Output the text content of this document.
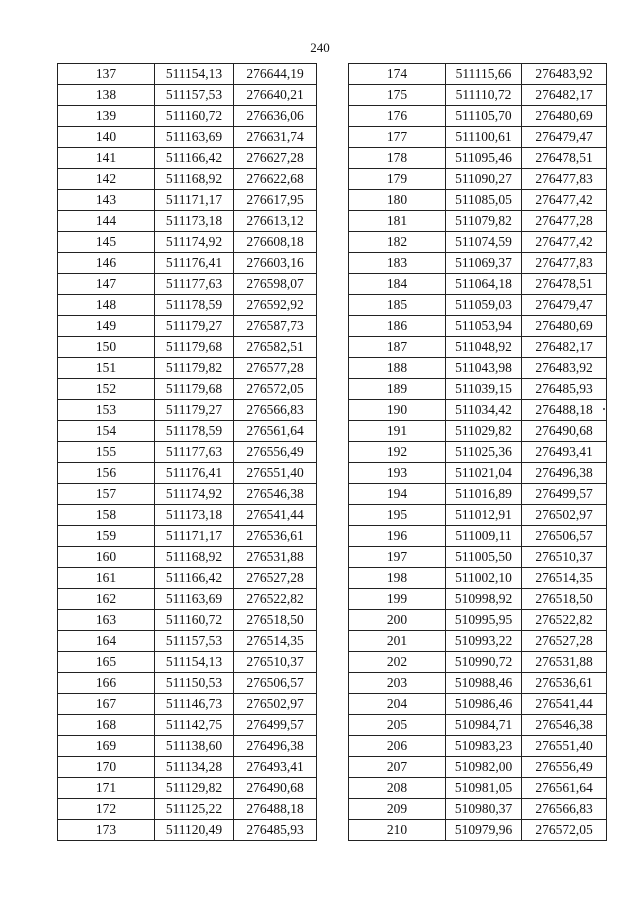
240
137	511154,13	276644,19
138	511157,53	276640,21
139	511160,72	276636,06
140	511163,69	276631,74
141	511166,42	276627,28
142	511168,92	276622,68
143	511171,17	276617,95
144	511173,18	276613,12
145	511174,92	276608,18
146	511176,41	276603,16
147	511177,63	276598,07
148	511178,59	276592,92
149	511179,27	276587,73
150	511179,68	276582,51
151	511179,82	276577,28
152	511179,68	276572,05
153	511179,27	276566,83
154	511178,59	276561,64
155	511177,63	276556,49
156	511176,41	276551,40
157	511174,92	276546,38
158	511173,18	276541,44
159	511171,17	276536,61
160	511168,92	276531,88
161	511166,42	276527,28
162	511163,69	276522,82
163	511160,72	276518,50
164	511157,53	276514,35
165	511154,13	276510,37
166	511150,53	276506,57
167	511146,73	276502,97
168	511142,75	276499,57
169	511138,60	276496,38
170	511134,28	276493,41
171	511129,82	276490,68
172	511125,22	276488,18
173	511120,49	276485,93
174	511115,66	276483,92
175	511110,72	276482,17
176	511105,70	276480,69
177	511100,61	276479,47
178	511095,46	276478,51
179	511090,27	276477,83
180	511085,05	276477,42
181	511079,82	276477,28
182	511074,59	276477,42
183	511069,37	276477,83
184	511064,18	276478,51
185	511059,03	276479,47
186	511053,94	276480,69
187	511048,92	276482,17
188	511043,98	276483,92
189	511039,15	276485,93
190	511034,42	276488,18
191	511029,82	276490,68
192	511025,36	276493,41
193	511021,04	276496,38
194	511016,89	276499,57
195	511012,91	276502,97
196	511009,11	276506,57
197	511005,50	276510,37
198	511002,10	276514,35
199	510998,92	276518,50
200	510995,95	276522,82
201	510993,22	276527,28
202	510990,72	276531,88
203	510988,46	276536,61
204	510986,46	276541,44
205	510984,71	276546,38
206	510983,23	276551,40
207	510982,00	276556,49
208	510981,05	276561,64
209	510980,37	276566,83
210	510979,96	276572,05
